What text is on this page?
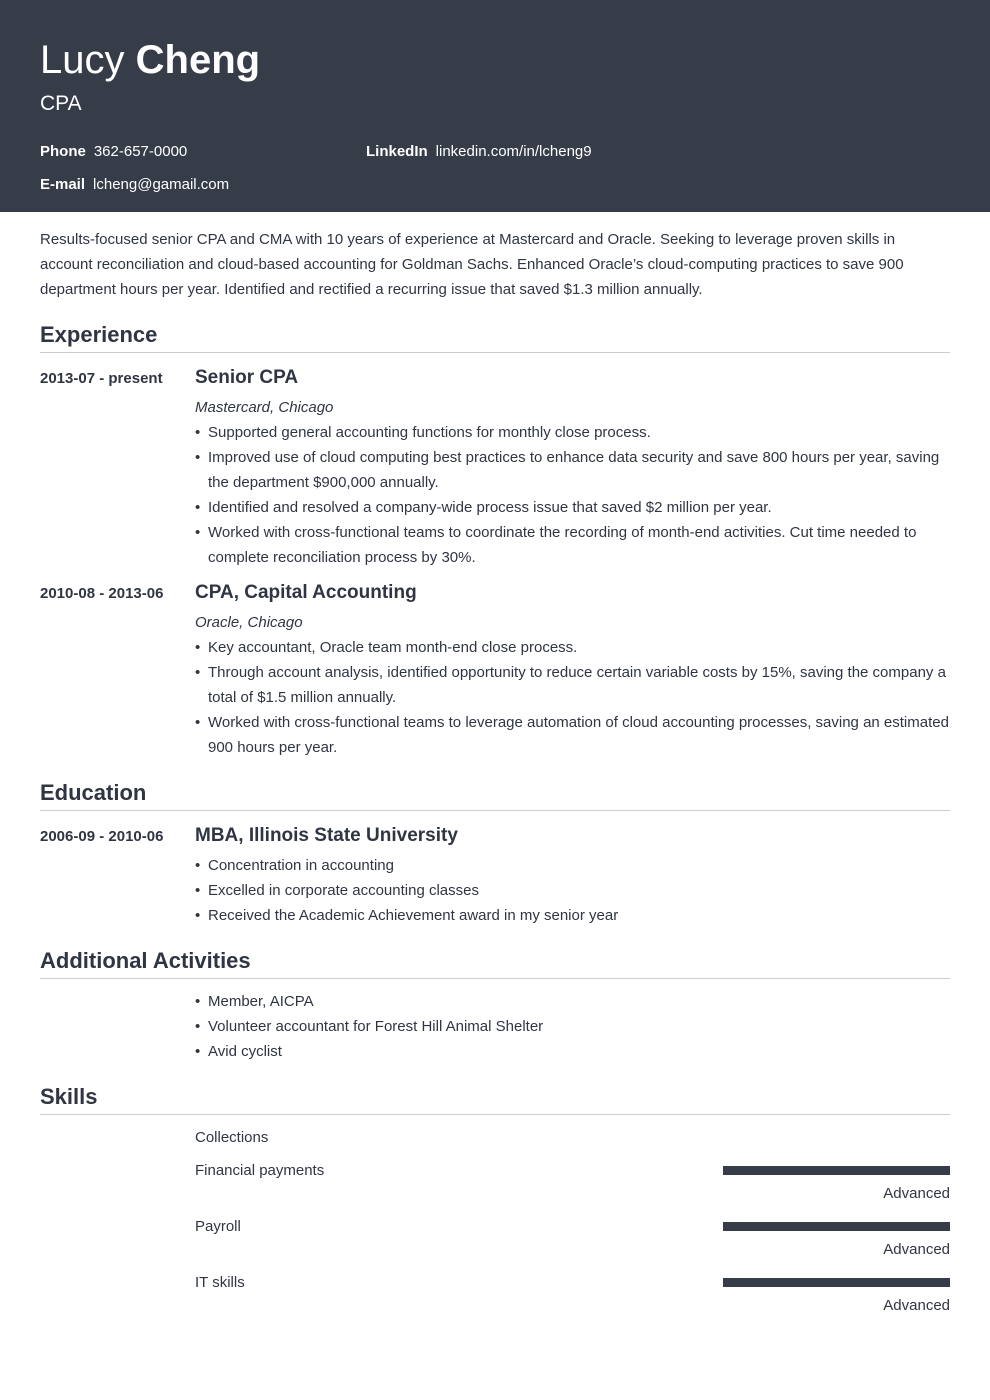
Lucy Cheng
CPA
Phone 362-657-0000	LinkedIn linkedin.com/in/lcheng9
E-mail lcheng@gamail.com
Results-focused senior CPA and CMA with 10 years of experience at Mastercard and Oracle. Seeking to leverage proven skills in account reconciliation and cloud-based accounting for Goldman Sachs. Enhanced Oracle’s cloud-computing practices to save 900 department hours per year. Identified and rectified a recurring issue that saved $1.3 million annually.
Experience
2013-07 - present Senior CPA
Mastercard, Chicago
• Supported general accounting functions for monthly close process.
• Improved use of cloud computing best practices to enhance data security and save 800 hours per year, saving the department $900,000 annually.
• Identified and resolved a company-wide process issue that saved $2 million per year.
• Worked with cross-functional teams to coordinate the recording of month-end activities. Cut time needed to complete reconciliation process by 30%.
2010-08 - 2013-06 CPA, Capital Accounting
Oracle, Chicago
• Key accountant, Oracle team month-end close process.
• Through account analysis, identified opportunity to reduce certain variable costs by 15%, saving the company a total of $1.5 million annually.
• Worked with cross-functional teams to leverage automation of cloud accounting processes, saving an estimated 900 hours per year.
Education
2006-09 - 2010-06 MBA, Illinois State University
• Concentration in accounting
• Excelled in corporate accounting classes
• Received the Academic Achievement award in my senior year
Additional Activities
• Member, AICPA
• Volunteer accountant for Forest Hill Animal Shelter
• Avid cyclist
Skills
Collections
Financial payments
Advanced
Payroll
Advanced
IT skills
Advanced
